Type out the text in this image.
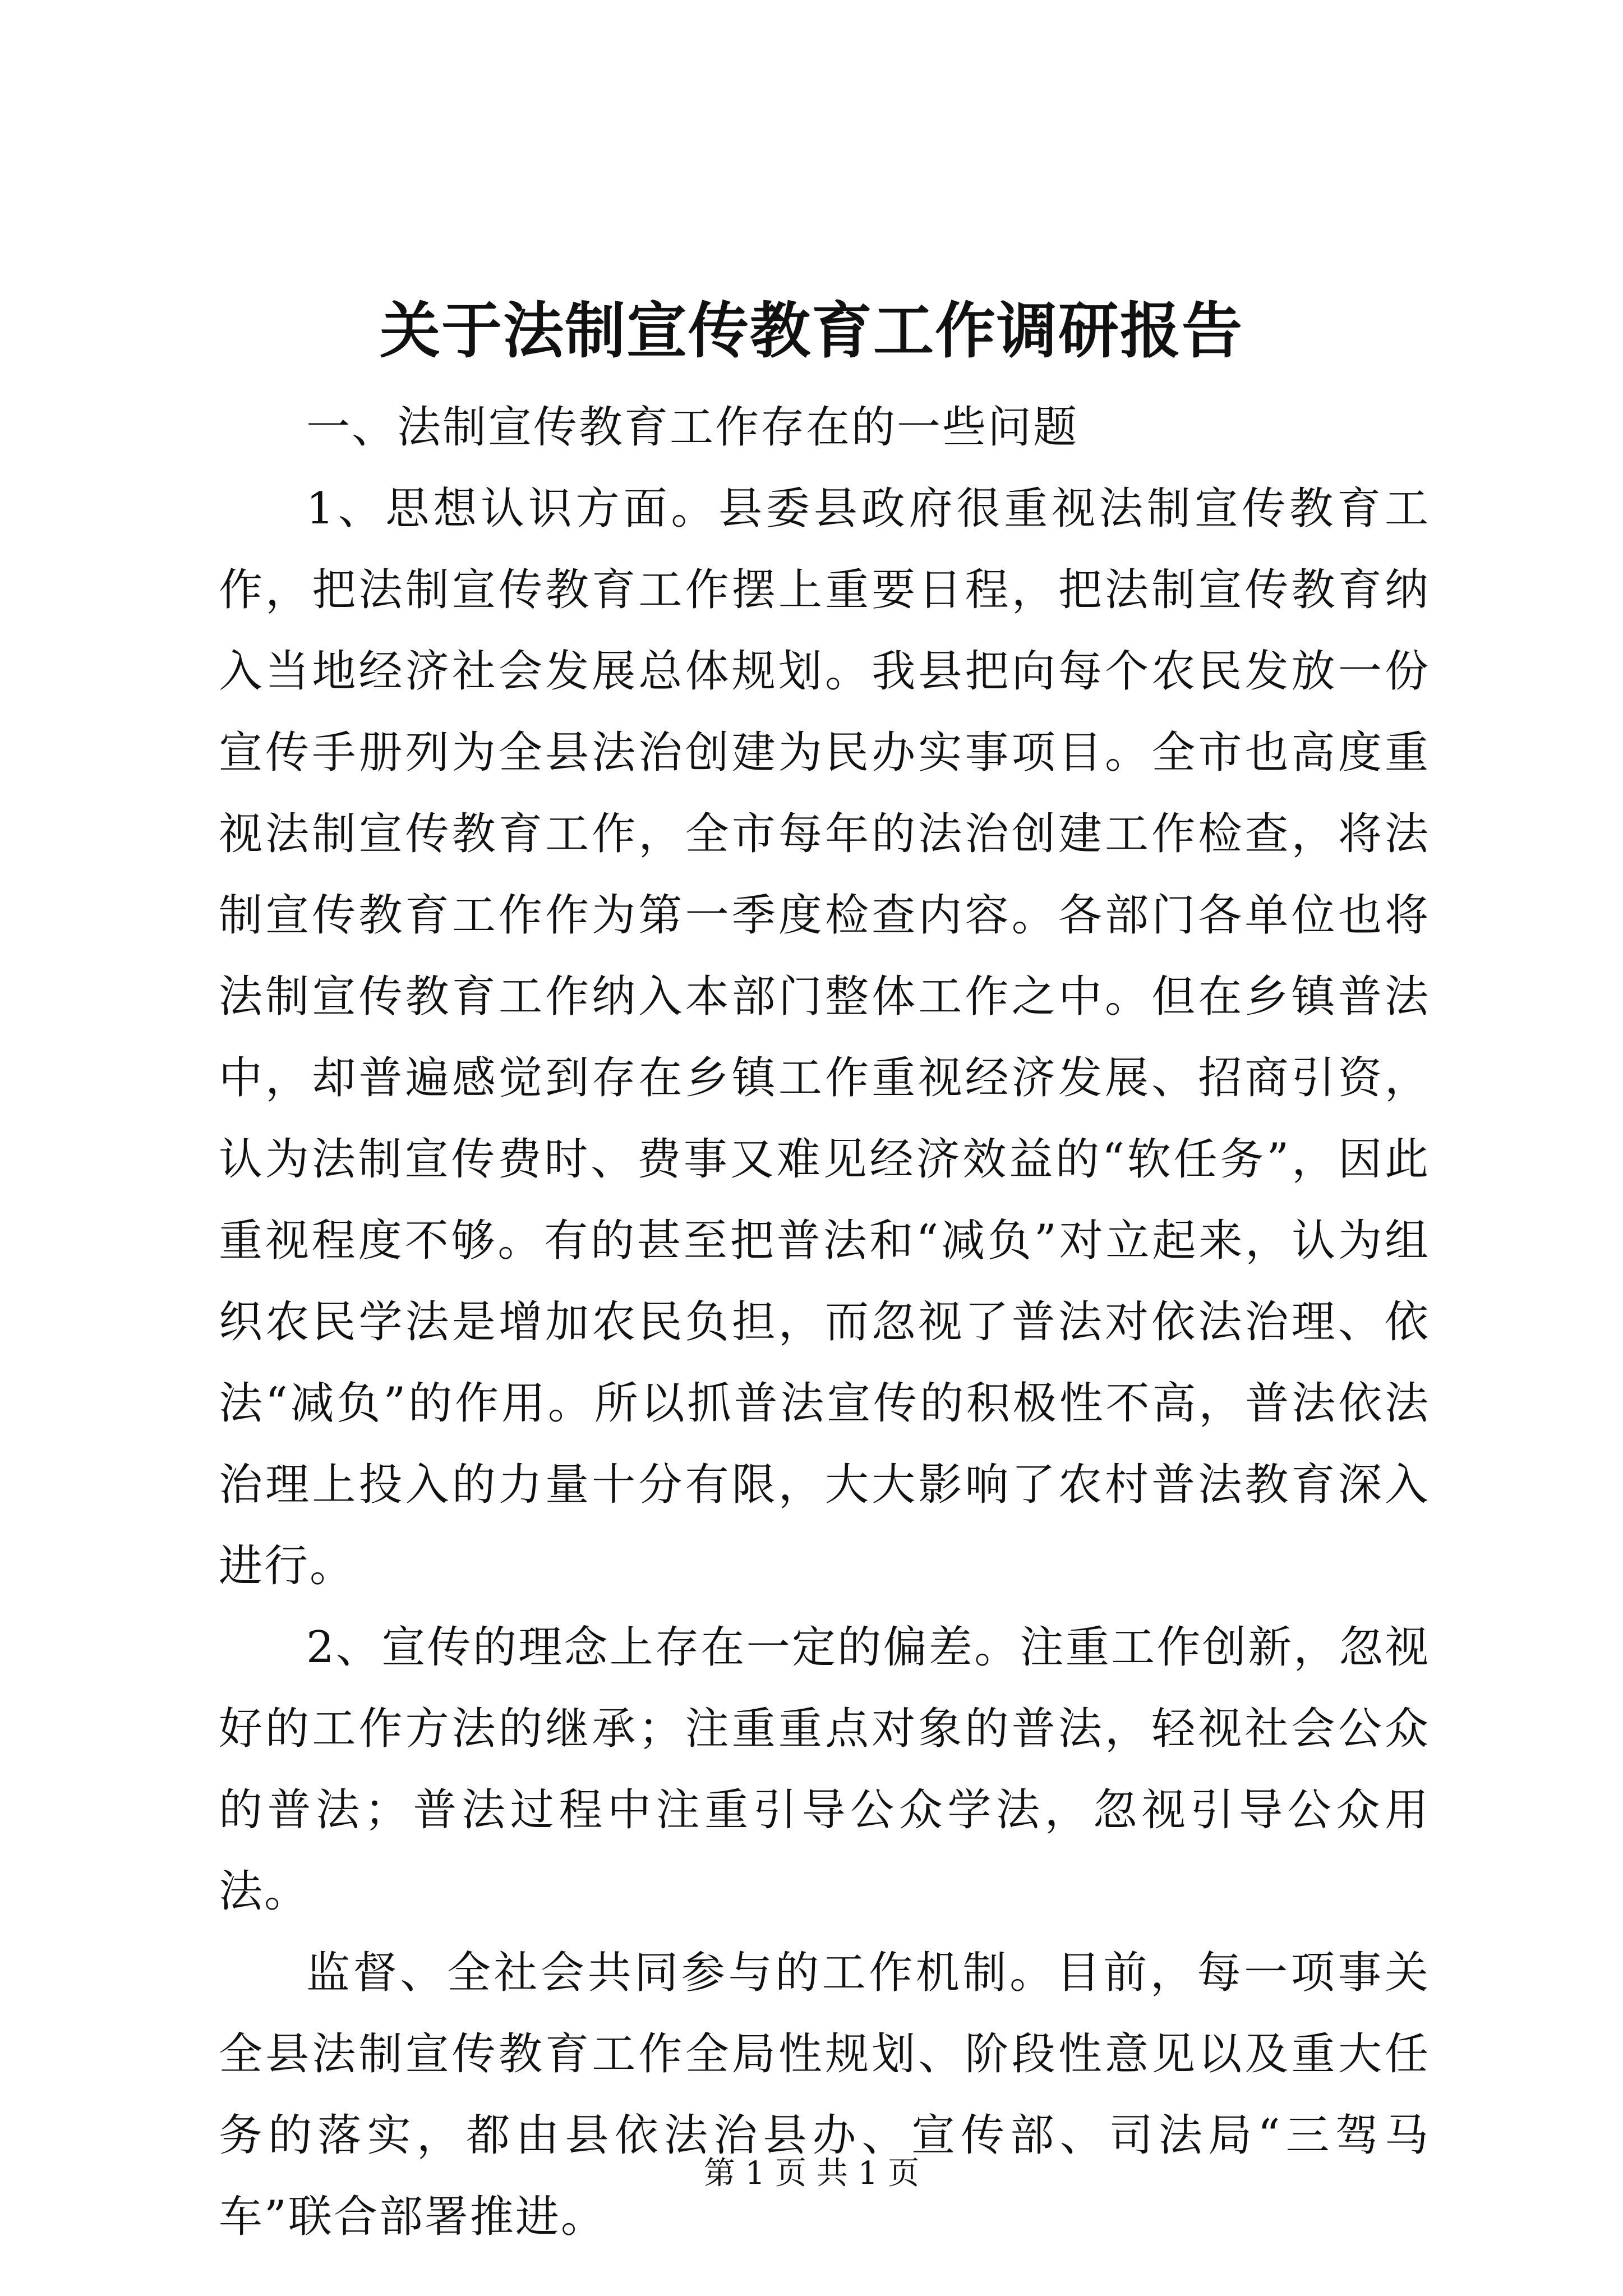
关于法制宣传教育工作调研报告

一、法制宣传教育工作存在的一些问题

1、思想认识方面。县委县政府很重视法制宣传教育工作，把法制宣传教育工作摆上重要日程，把法制宣传教育纳入当地经济社会发展总体规划。我县把向每个农民发放一份宣传手册列为全县法治创建为民办实事项目。全市也高度重视法制宣传教育工作，全市每年的法治创建工作检查，将法制宣传教育工作作为第一季度检查内容。各部门各单位也将法制宣传教育工作纳入本部门整体工作之中。但在乡镇普法中，却普遍感觉到存在乡镇工作重视经济发展、招商引资，认为法制宣传费时、费事又难见经济效益的“软任务”，因此重视程度不够。有的甚至把普法和“减负”对立起来，认为组织农民学法是增加农民负担，而忽视了普法对依法治理、依法“减负”的作用。所以抓普法宣传的积极性不高，普法依法治理上投入的力量十分有限，大大影响了农村普法教育深入进行。

2、宣传的理念上存在一定的偏差。注重工作创新，忽视好的工作方法的继承；注重重点对象的普法，轻视社会公众的普法；普法过程中注重引导公众学法，忽视引导公众用法。

监督、全社会共同参与的工作机制。目前，每一项事关全县法制宣传教育工作全局性规划、阶段性意见以及重大任务的落实，都由县依法治县办、宣传部、司法局“三驾马车”联合部署推进。

第 1 页 共 1 页
